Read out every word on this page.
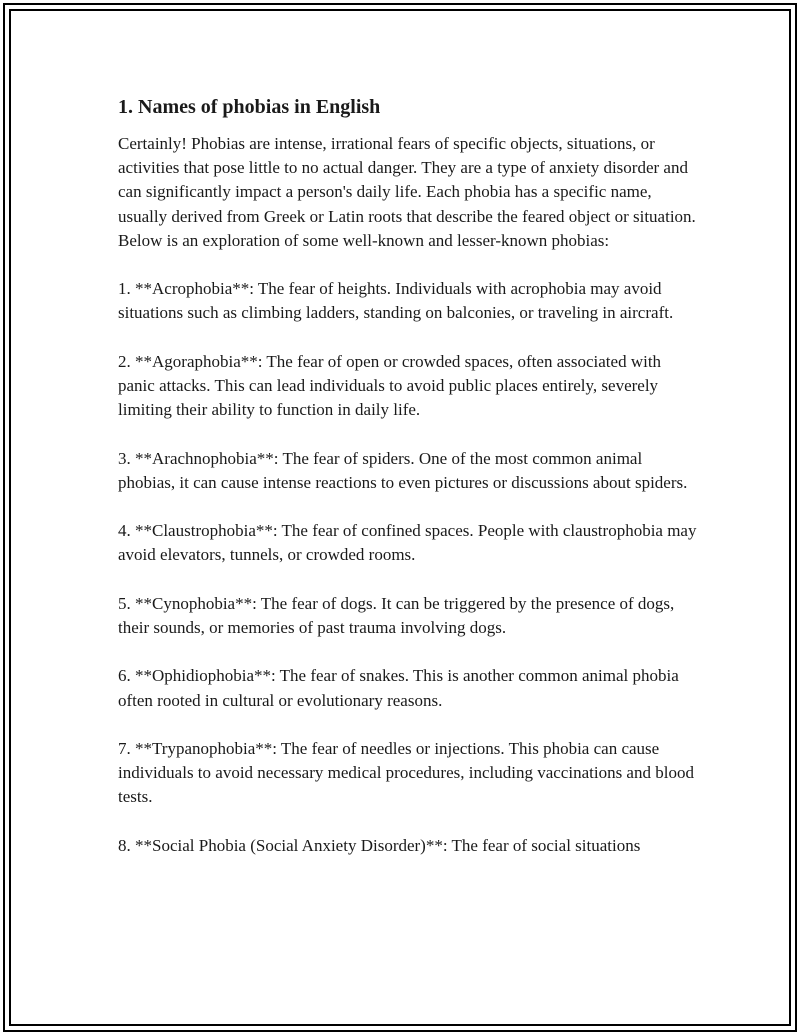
1. Names of phobias in English

Certainly! Phobias are intense, irrational fears of specific objects, situations, or activities that pose little to no actual danger. They are a type of anxiety disorder and can significantly impact a person's daily life. Each phobia has a specific name, usually derived from Greek or Latin roots that describe the feared object or situation. Below is an exploration of some well-known and lesser-known phobias:

1. **Acrophobia**: The fear of heights. Individuals with acrophobia may avoid situations such as climbing ladders, standing on balconies, or traveling in aircraft.

2. **Agoraphobia**: The fear of open or crowded spaces, often associated with panic attacks. This can lead individuals to avoid public places entirely, severely limiting their ability to function in daily life.

3. **Arachnophobia**: The fear of spiders. One of the most common animal phobias, it can cause intense reactions to even pictures or discussions about spiders.

4. **Claustrophobia**: The fear of confined spaces. People with claustrophobia may avoid elevators, tunnels, or crowded rooms.

5. **Cynophobia**: The fear of dogs. It can be triggered by the presence of dogs, their sounds, or memories of past trauma involving dogs.

6. **Ophidiophobia**: The fear of snakes. This is another common animal phobia often rooted in cultural or evolutionary reasons.

7. **Trypanophobia**: The fear of needles or injections. This phobia can cause individuals to avoid necessary medical procedures, including vaccinations and blood tests.

8. **Social Phobia (Social Anxiety Disorder)**: The fear of social situations
